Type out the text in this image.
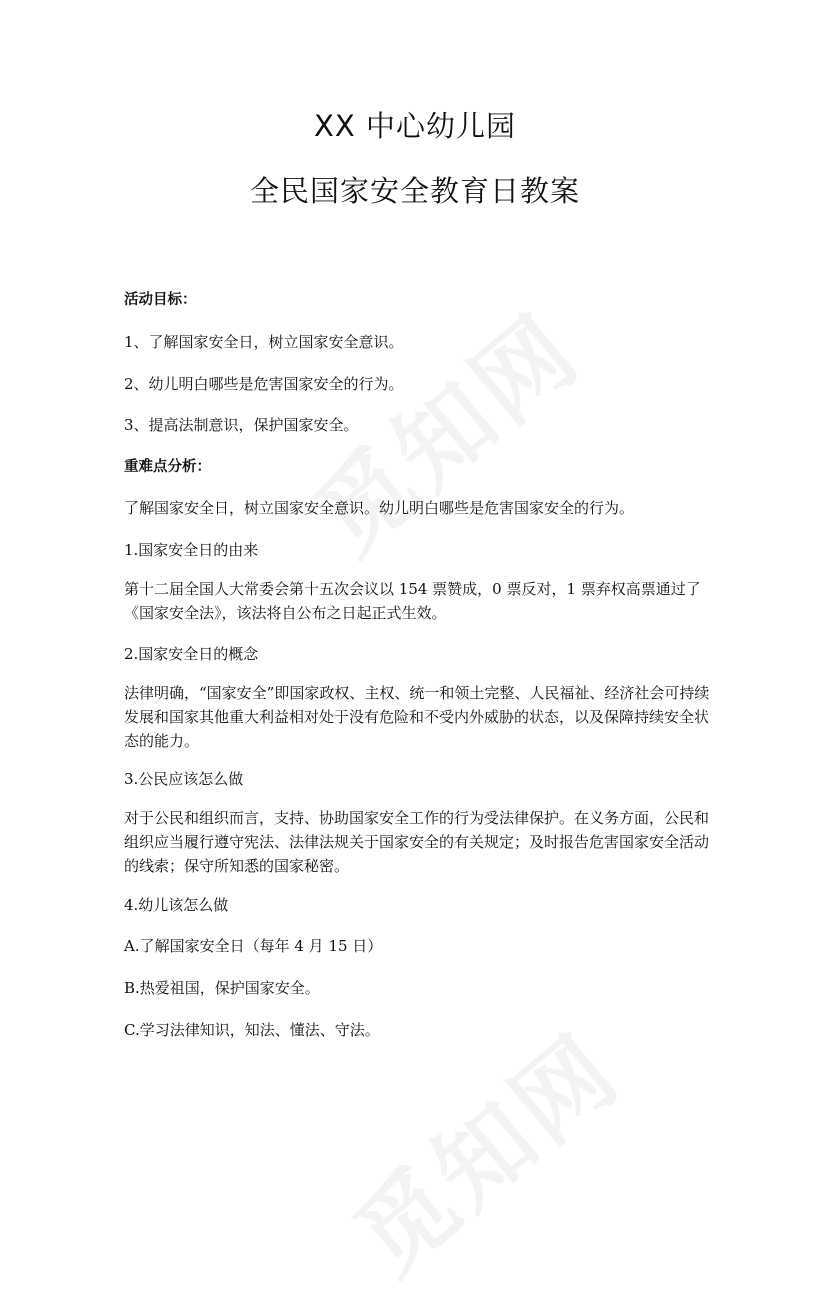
XX 中心幼儿园
全民国家安全教育日教案

活动目标：

1、了解国家安全日，树立国家安全意识。

2、幼儿明白哪些是危害国家安全的行为。

3、提高法制意识，保护国家安全。

重难点分析：

了解国家安全日，树立国家安全意识。幼儿明白哪些是危害国家安全的行为。

1.国家安全日的由来

第十二届全国人大常委会第十五次会议以 154 票赞成，0 票反对，1 票弃权高票通过了《国家安全法》，该法将自公布之日起正式生效。

2.国家安全日的概念

法律明确，“国家安全”即国家政权、主权、统一和领土完整、人民福祉、经济社会可持续发展和国家其他重大利益相对处于没有危险和不受内外威胁的状态，以及保障持续安全状态的能力。

3.公民应该怎么做

对于公民和组织而言，支持、协助国家安全工作的行为受法律保护。在义务方面，公民和组织应当履行遵守宪法、法律法规关于国家安全的有关规定；及时报告危害国家安全活动的线索；保守所知悉的国家秘密。

4.幼儿该怎么做

A.了解国家安全日（每年 4 月 15 日）

B.热爱祖国，保护国家安全。

C.学习法律知识，知法、懂法、守法。
